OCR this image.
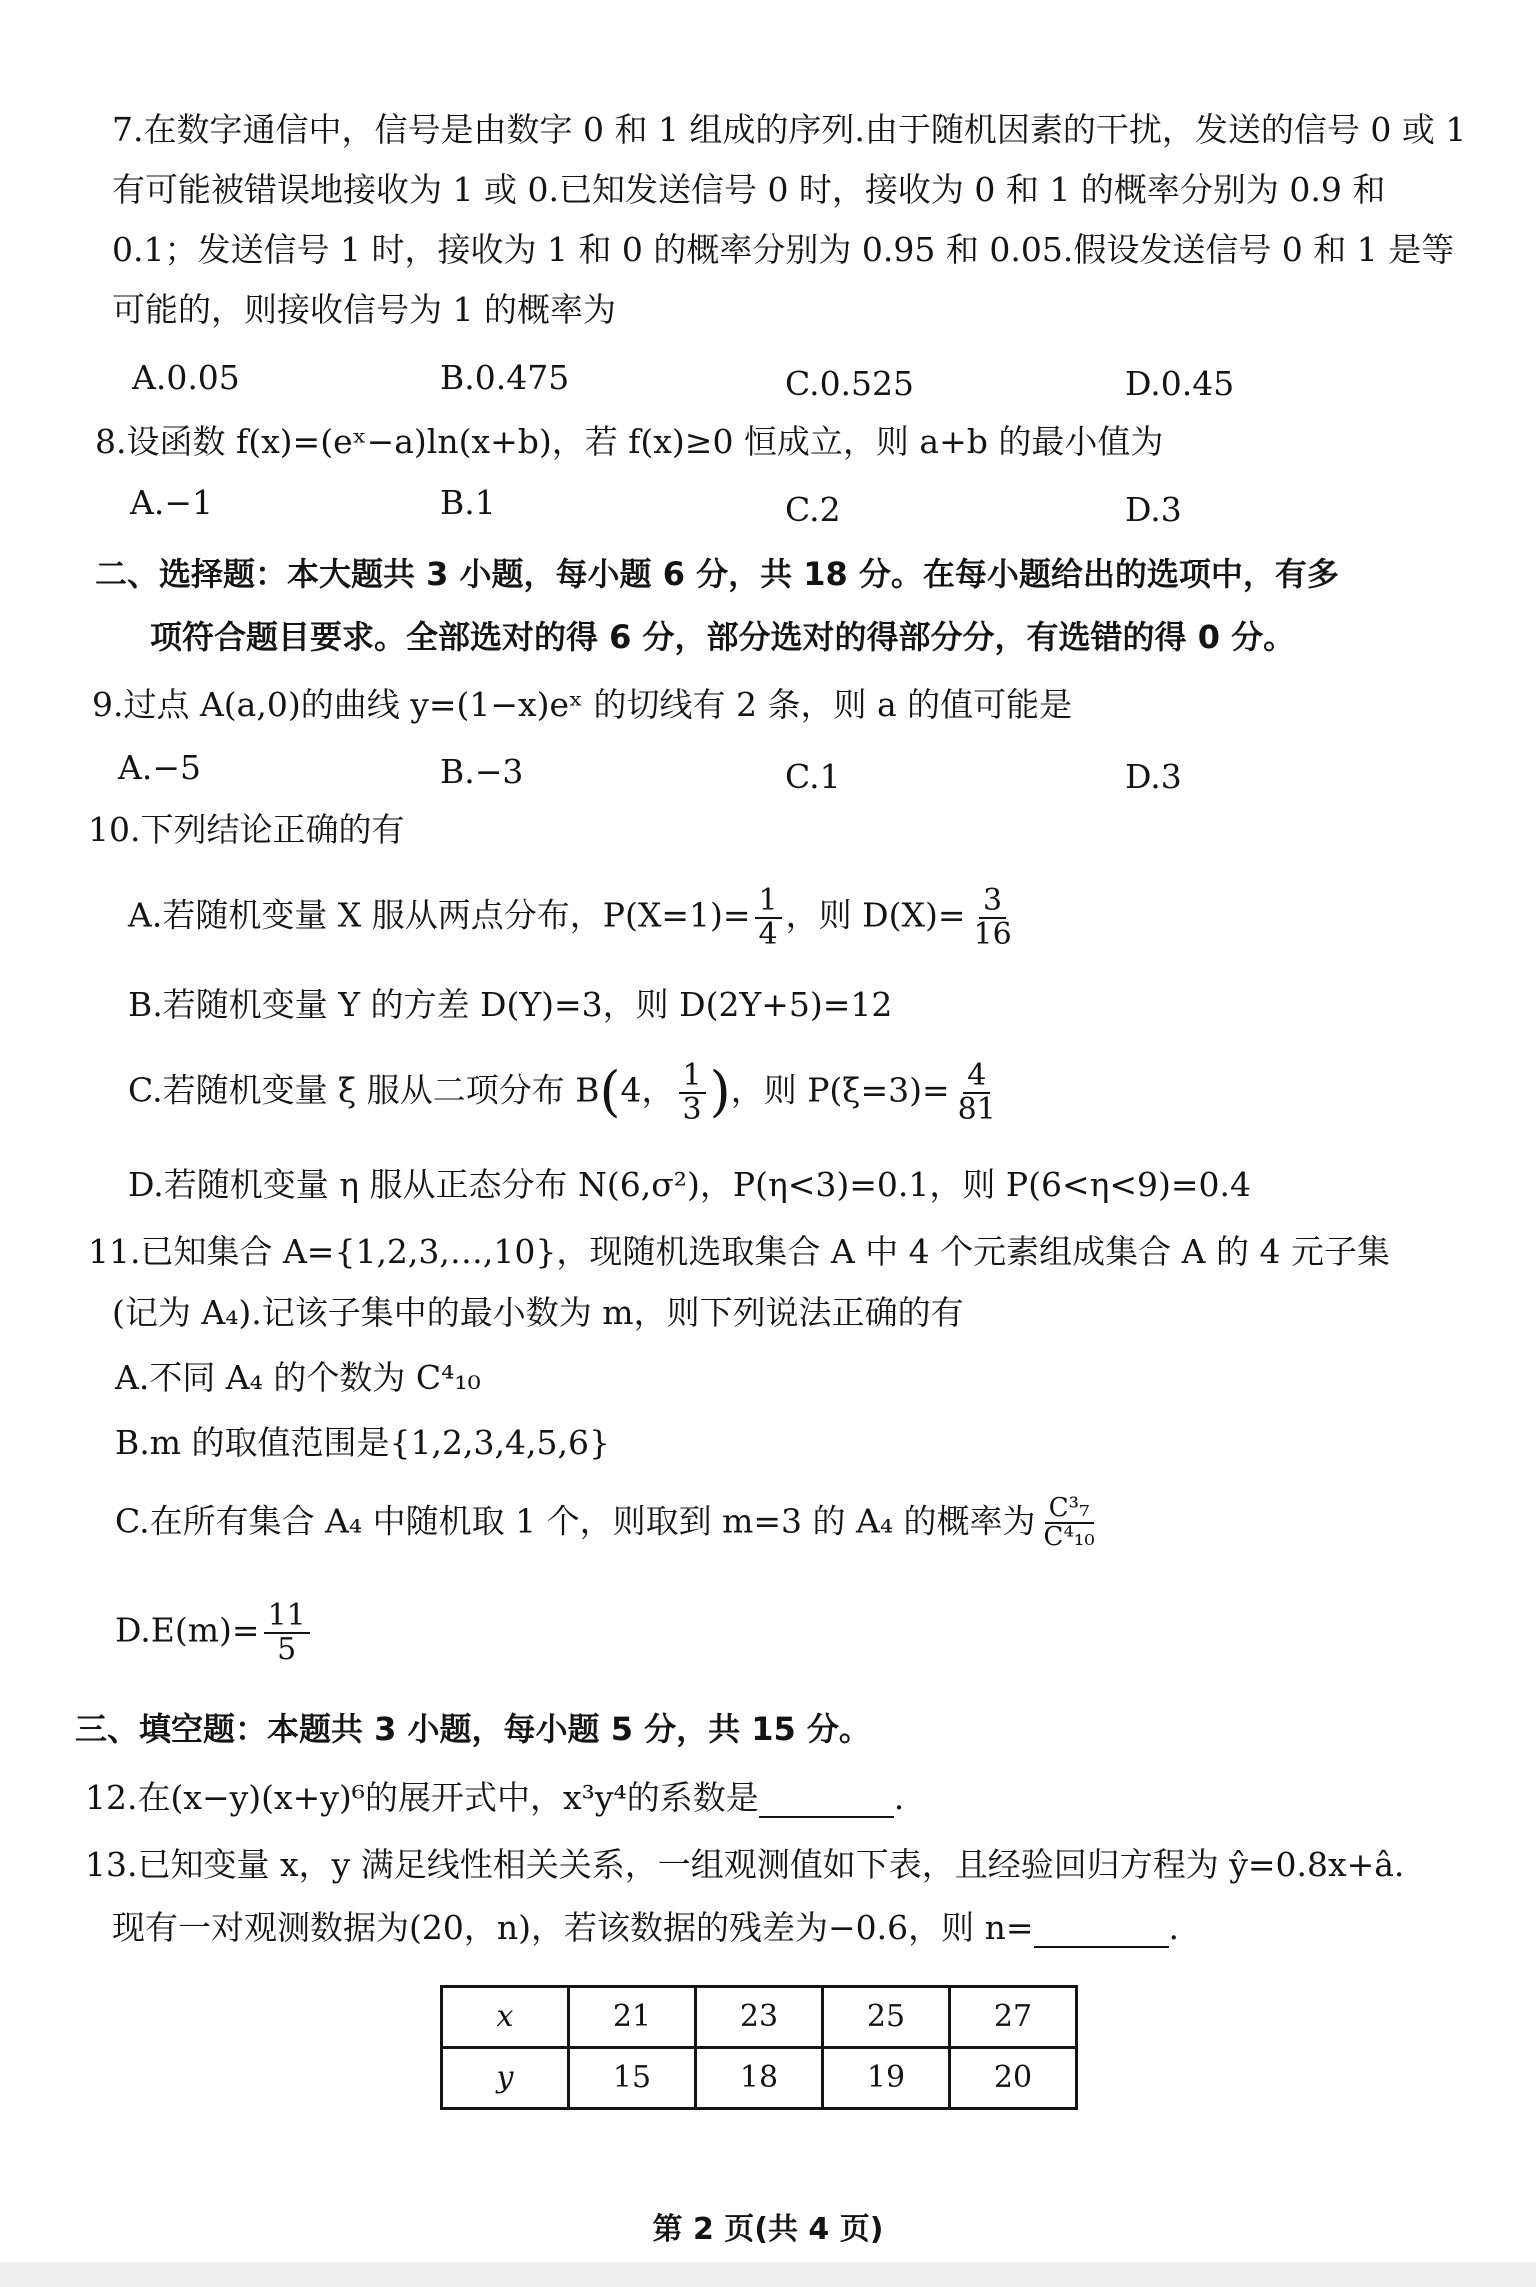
7.在数字通信中，信号是由数字 0 和 1 组成的序列.由于随机因素的干扰，发送的信号 0 或 1
有可能被错误地接收为 1 或 0.已知发送信号 0 时，接收为 0 和 1 的概率分别为 0.9 和
0.1；发送信号 1 时，接收为 1 和 0 的概率分别为 0.95 和 0.05.假设发送信号 0 和 1 是等
可能的，则接收信号为 1 的概率为
A.0.05	B.0.475	C.0.525	D.0.45
8.设函数 f(x)=(eˣ−a)ln(x+b)，若 f(x)≥0 恒成立，则 a+b 的最小值为
A.−1	B.1	C.2	D.3
二、选择题：本大题共 3 小题，每小题 6 分，共 18 分。在每小题给出的选项中，有多
项符合题目要求。全部选对的得 6 分，部分选对的得部分分，有选错的得 0 分。
9.过点 A(a,0)的曲线 y=(1−x)eˣ 的切线有 2 条，则 a 的值可能是
A.−5	B.−3	C.1	D.3
10.下列结论正确的有
A.若随机变量 X 服从两点分布，$P(X=1)= \frac{1}{4}$ ，则 $D(X)= \frac{3}{16}$
B.若随机变量 Y 的方差 D(Y)=3，则 D(2Y+5)=12
C.若随机变量 ξ 服从二项分布 B(4， $\frac{1}{3}$ )，则 $P(\xi=3)= \frac{4}{81}$
D.若随机变量 η 服从正态分布 N(6,σ²)，P(η<3)=0.1，则 P(6<η<9)=0.4
11.已知集合 A={1,2,3,…,10}，现随机选取集合 A 中 4 个元素组成集合 A 的 4 元子集
(记为 A₄).记该子集中的最小数为 m，则下列说法正确的有
A.不同 A₄ 的个数为 C⁴₁₀
B.m 的取值范围是{1,2,3,4,5,6}
C.在所有集合 A₄ 中随机取 1 个，则取到 m=3 的 A₄ 的概率为 $\frac{\text{C³₇}}{\text{C⁴₁₀}}$
$D.E(m)= \frac{11}{5}$
三、填空题：本题共 3 小题，每小题 5 分，共 15 分。
12.在(x−y)(x+y)⁶的展开式中，x³y⁴的系数是	.
13.已知变量 x，y 满足线性相关关系，一组观测值如下表，且经验回归方程为 ŷ=0.8x+â.
现有一对观测数据为(20，n)，若该数据的残差为−0.6，则 n=	.
x	21	23	25	27
y	15	18	19	20
第 2 页(共 4 页)
